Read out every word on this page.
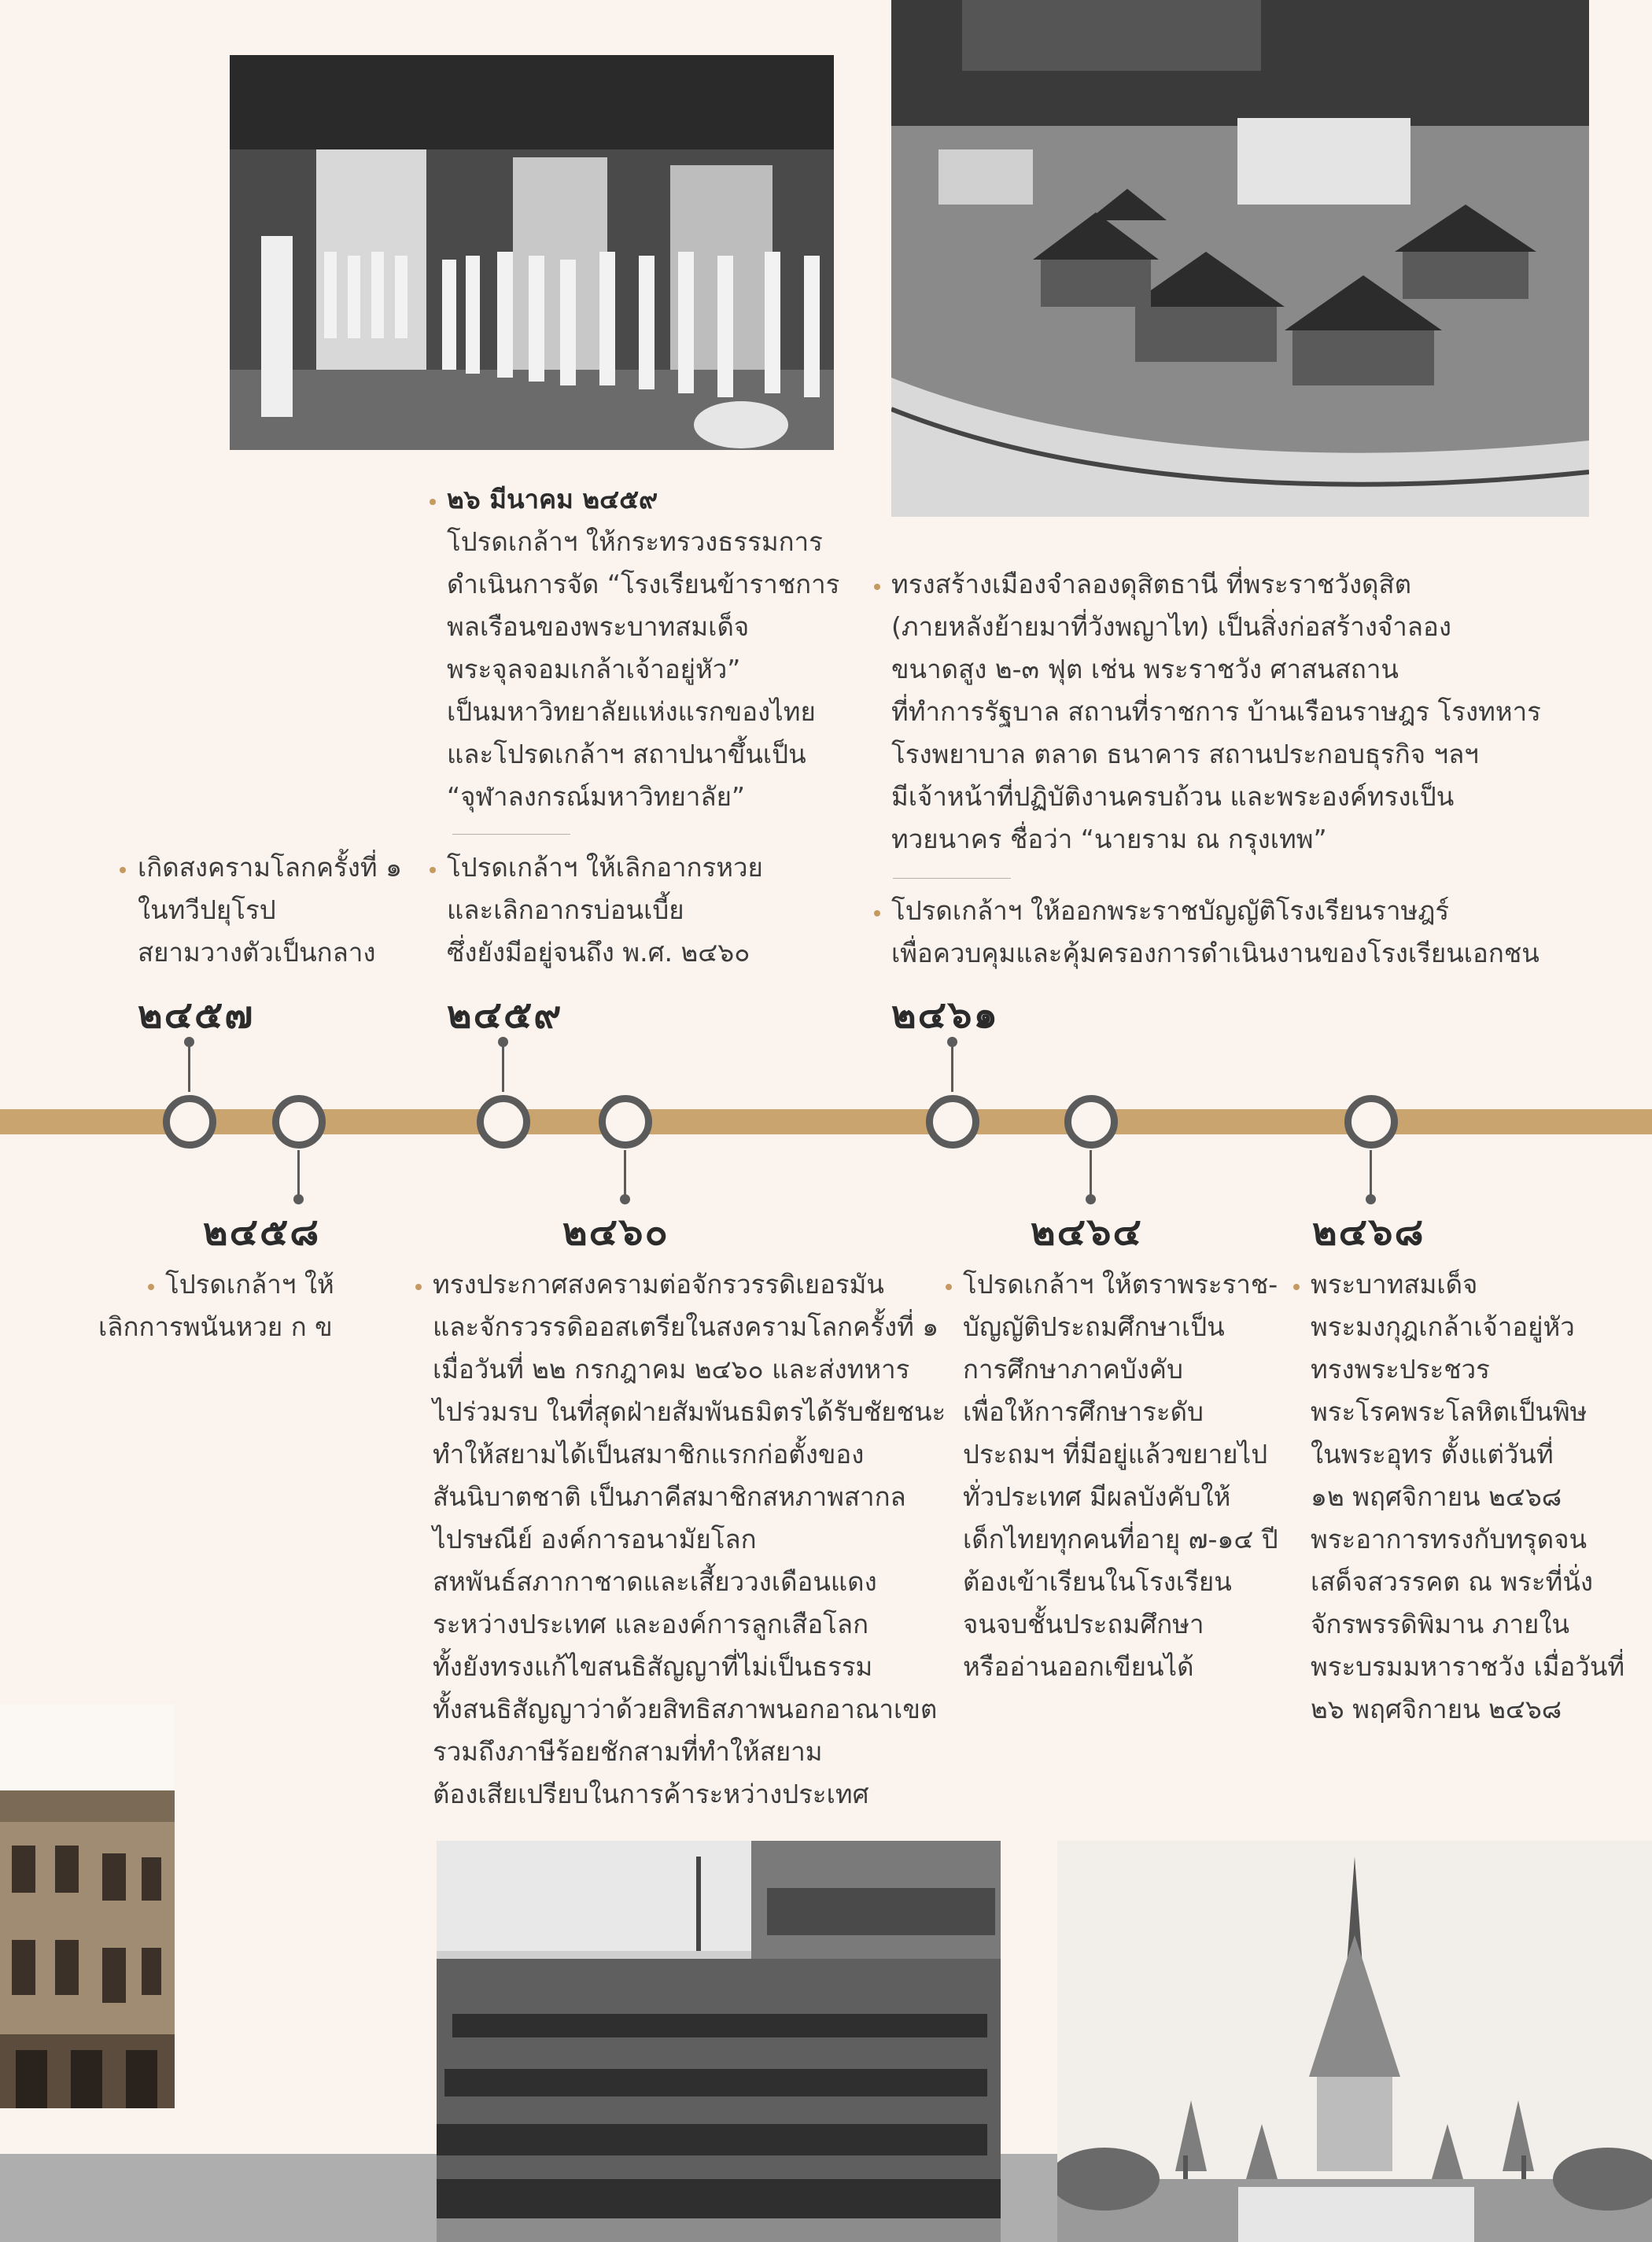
๒๖ มีนาคม ๒๔๕๙
โปรดเกล้าฯ ให้กระทรวงธรรมการ
ดำเนินการจัด “โรงเรียนข้าราชการ
พลเรือนของพระบาทสมเด็จ
พระจุลจอมเกล้าเจ้าอยู่หัว”
เป็นมหาวิทยาลัยแห่งแรกของไทย
และโปรดเกล้าฯ สถาปนาขึ้นเป็น
“จุฬาลงกรณ์มหาวิทยาลัย”
ทรงสร้างเมืองจำลองดุสิตธานี ที่พระราชวังดุสิต
(ภายหลังย้ายมาที่วังพญาไท) เป็นสิ่งก่อสร้างจำลอง
ขนาดสูง ๒-๓ ฟุต เช่น พระราชวัง ศาสนสถาน
ที่ทำการรัฐบาล สถานที่ราชการ บ้านเรือนราษฎร โรงทหาร
โรงพยาบาล ตลาด ธนาคาร สถานประกอบธุรกิจ ฯลฯ
มีเจ้าหน้าที่ปฏิบัติงานครบถ้วน และพระองค์ทรงเป็น
ทวยนาคร ชื่อว่า “นายราม ณ กรุงเทพ”
เกิดสงครามโลกครั้งที่ ๑
ในทวีปยุโรป
สยามวางตัวเป็นกลาง
โปรดเกล้าฯ ให้เลิกอากรหวย
และเลิกอากรบ่อนเบี้ย
ซึ่งยังมีอยู่จนถึง พ.ศ. ๒๔๖๐
โปรดเกล้าฯ ให้ออกพระราชบัญญัติโรงเรียนราษฎร์
เพื่อควบคุมและคุ้มครองการดำเนินงานของโรงเรียนเอกชน
๒๔๕๗	๒๔๕๙	๒๔๖๑
๒๔๕๘	๒๔๖๐	๒๔๖๔	๒๔๖๘
โปรดเกล้าฯ ให้
เลิกการพนันหวย ก ข
ทรงประกาศสงครามต่อจักรวรรดิเยอรมัน
และจักรวรรดิออสเตรียในสงครามโลกครั้งที่ ๑
เมื่อวันที่ ๒๒ กรกฎาคม ๒๔๖๐ และส่งทหาร
ไปร่วมรบ ในที่สุดฝ่ายสัมพันธมิตรได้รับชัยชนะ
ทำให้สยามได้เป็นสมาชิกแรกก่อตั้งของ
สันนิบาตชาติ เป็นภาคีสมาชิกสหภาพสากล
ไปรษณีย์ องค์การอนามัยโลก
สหพันธ์สภากาชาดและเสี้ยววงเดือนแดง
ระหว่างประเทศ และองค์การลูกเสือโลก
ทั้งยังทรงแก้ไขสนธิสัญญาที่ไม่เป็นธรรม
ทั้งสนธิสัญญาว่าด้วยสิทธิสภาพนอกอาณาเขต
รวมถึงภาษีร้อยชักสามที่ทำให้สยาม
ต้องเสียเปรียบในการค้าระหว่างประเทศ
โปรดเกล้าฯ ให้ตราพระราช-
บัญญัติประถมศึกษาเป็น
การศึกษาภาคบังคับ
เพื่อให้การศึกษาระดับ
ประถมฯ ที่มีอยู่แล้วขยายไป
ทั่วประเทศ มีผลบังคับให้
เด็กไทยทุกคนที่อายุ ๗-๑๔ ปี
ต้องเข้าเรียนในโรงเรียน
จนจบชั้นประถมศึกษา
หรืออ่านออกเขียนได้
พระบาทสมเด็จ
พระมงกุฎเกล้าเจ้าอยู่หัว
ทรงพระประชวร
พระโรคพระโลหิตเป็นพิษ
ในพระอุทร ตั้งแต่วันที่
๑๒ พฤศจิกายน ๒๔๖๘
พระอาการทรงกับทรุดจน
เสด็จสวรรคต ณ พระที่นั่ง
จักรพรรดิพิมาน ภายใน
พระบรมมหาราชวัง เมื่อวันที่
๒๖ พฤศจิกายน ๒๔๖๘
